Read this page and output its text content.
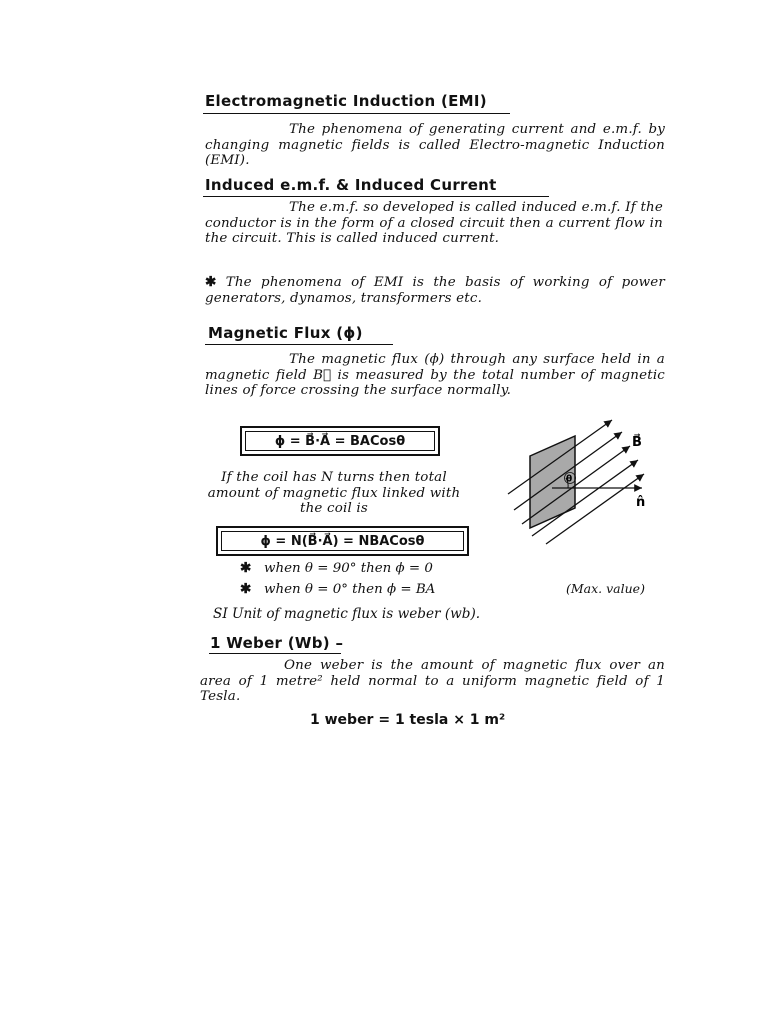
Electromagnetic Induction (EMI)

The phenomena of generating current and e.m.f. by changing magnetic fields is called Electro-magnetic Induction (EMI).

Induced e.m.f. & Induced Current

The e.m.f. so developed is called induced e.m.f. If the conductor is in the form of a closed circuit then a current flow in the circuit. This is called induced current.

✱ The phenomena of EMI is the basis of working of power generators, dynamos, transformers etc.

Magnetic Flux (ϕ)

The magnetic flux (ϕ) through any surface held in a magnetic field B⃗ is measured by the total number of magnetic lines of force crossing the surface normally.

ϕ = B⃗·A⃗ = BACosθ

If the coil has N turns then total amount of magnetic flux linked with the coil is

ϕ = N(B⃗·A⃗) = NBACosθ
✱ when θ = 90° then ϕ = 0
✱ when θ = 0° then ϕ = BA	(Max. value)
SI Unit of magnetic flux is weber (wb).
θ
B⃗
n̂
1 Weber (Wb) –

One weber is the amount of magnetic flux over an area of 1 metre² held normal to a uniform magnetic field of 1 Tesla.

1 weber = 1 tesla × 1 m²
